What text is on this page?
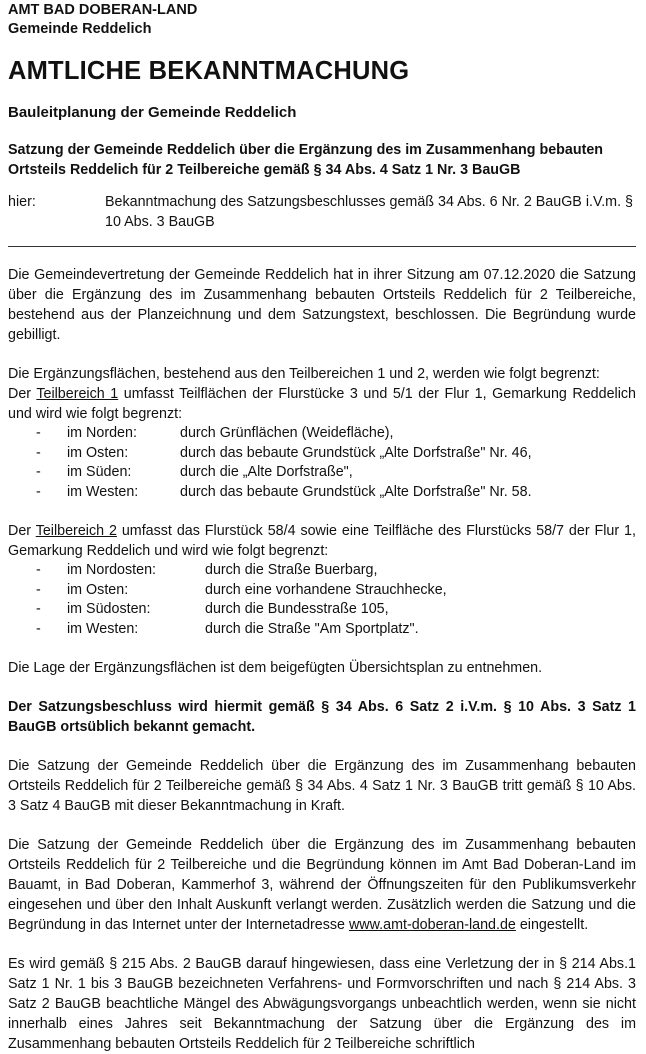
AMT BAD DOBERAN-LAND
Gemeinde Reddelich
AMTLICHE BEKANNTMACHUNG
Bauleitplanung der Gemeinde Reddelich
Satzung der Gemeinde Reddelich über die Ergänzung des im Zusammenhang bebauten Ortsteils Reddelich für 2 Teilbereiche gemäß § 34 Abs. 4 Satz 1 Nr. 3 BauGB
hier:	Bekanntmachung des Satzungsbeschlusses gemäß 34 Abs. 6 Nr. 2 BauGB i.V.m. § 10 Abs. 3 BauGB

Die Gemeindevertretung der Gemeinde Reddelich hat in ihrer Sitzung am 07.12.2020 die Satzung über die Ergänzung des im Zusammenhang bebauten Ortsteils Reddelich für 2 Teilbereiche, bestehend aus der Planzeichnung und dem Satzungstext, beschlossen. Die Begründung wurde gebilligt.

Die Ergänzungsflächen, bestehend aus den Teilbereichen 1 und 2, werden wie folgt begrenzt:
Der Teilbereich 1 umfasst Teilflächen der Flurstücke 3 und 5/1 der Flur 1, Gemarkung Reddelich und wird wie folgt begrenzt:

-	im Norden:	durch Grünflächen (Weidefläche),
-	im Osten:	durch das bebaute Grundstück „Alte Dorfstraße" Nr. 46,
-	im Süden:	durch die „Alte Dorfstraße",
-	im Westen:	durch das bebaute Grundstück „Alte Dorfstraße" Nr. 58.

Der Teilbereich 2 umfasst das Flurstück 58/4 sowie eine Teilfläche des Flurstücks 58/7 der Flur 1, Gemarkung Reddelich und wird wie folgt begrenzt:

-	im Nordosten:	durch die Straße Buerbarg,
-	im Osten:	durch eine vorhandene Strauchhecke,
-	im Südosten:	durch die Bundesstraße 105,
-	im Westen:	durch die Straße "Am Sportplatz".

Die Lage der Ergänzungsflächen ist dem beigefügten Übersichtsplan zu entnehmen.

Der Satzungsbeschluss wird hiermit gemäß § 34 Abs. 6 Satz 2 i.V.m. § 10 Abs. 3 Satz 1 BauGB ortsüblich bekannt gemacht.

Die Satzung der Gemeinde Reddelich über die Ergänzung des im Zusammenhang bebauten Ortsteils Reddelich für 2 Teilbereiche gemäß § 34 Abs. 4 Satz 1 Nr. 3 BauGB tritt gemäß § 10 Abs. 3 Satz 4 BauGB mit dieser Bekanntmachung in Kraft.

Die Satzung der Gemeinde Reddelich über die Ergänzung des im Zusammenhang bebauten Ortsteils Reddelich für 2 Teilbereiche und die Begründung können im Amt Bad Doberan-Land im Bauamt, in Bad Doberan, Kammerhof 3, während der Öffnungszeiten für den Publikumsverkehr eingesehen und über den Inhalt Auskunft verlangt werden. Zusätzlich werden die Satzung und die Begründung in das Internet unter der Internetadresse www.amt-doberan-land.de eingestellt.

Es wird gemäß § 215 Abs. 2 BauGB darauf hingewiesen, dass eine Verletzung der in § 214 Abs.1 Satz 1 Nr. 1 bis 3 BauGB bezeichneten Verfahrens- und Formvorschriften und nach § 214 Abs. 3 Satz 2 BauGB beachtliche Mängel des Abwägungsvorgangs unbeachtlich werden, wenn sie nicht innerhalb eines Jahres seit Bekanntmachung der Satzung über die Ergänzung des im Zusammenhang bebauten Ortsteils Reddelich für 2 Teilbereiche schriftlich
